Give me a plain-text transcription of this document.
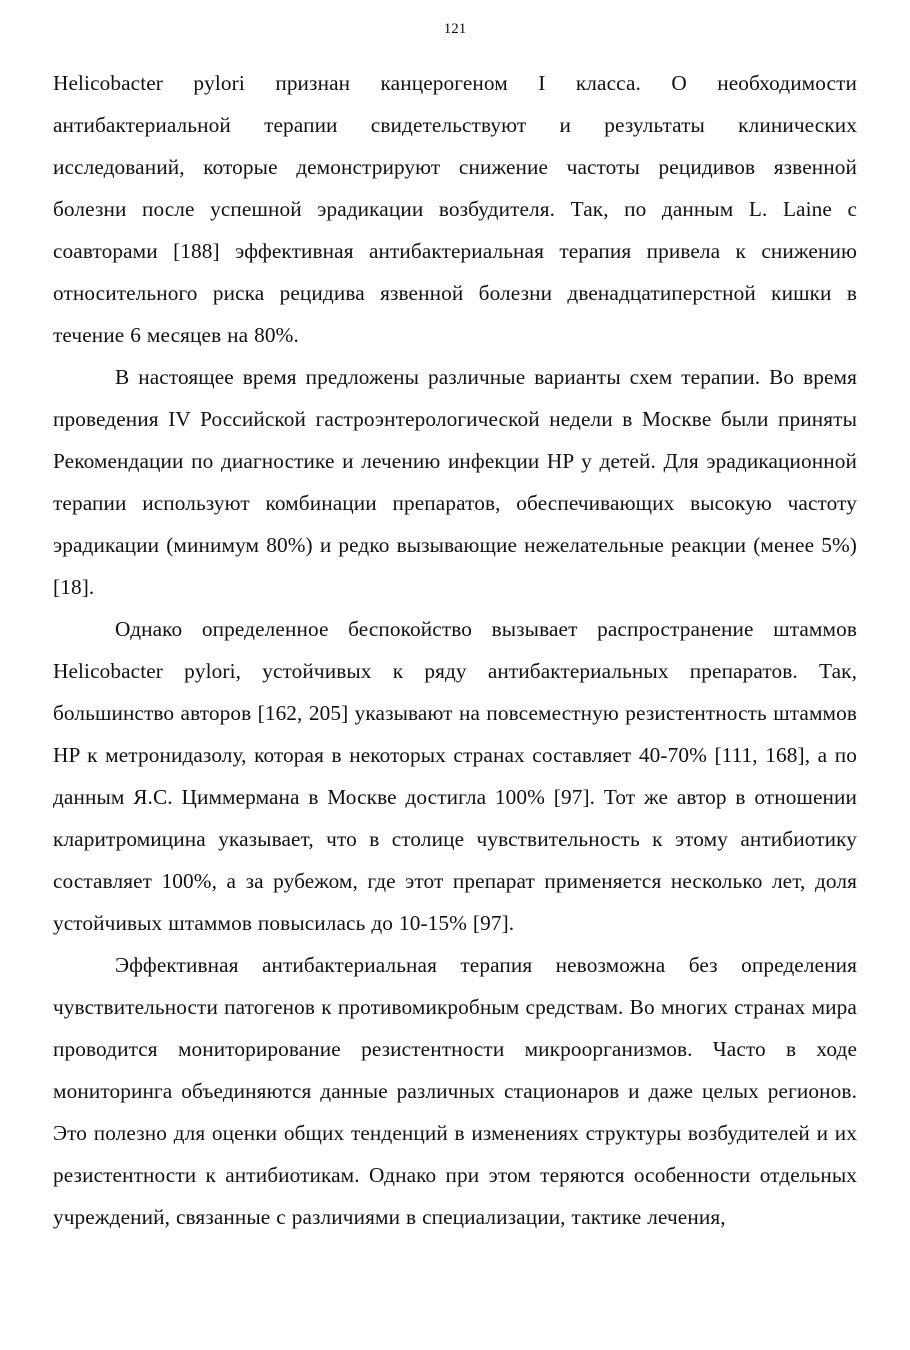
121

Helicobacter pylori признан канцерогеном I класса. О необходимости антибактериальной терапии свидетельствуют и результаты клинических исследований, которые демонстрируют снижение частоты рецидивов язвенной болезни после успешной эрадикации возбудителя. Так, по данным L. Laine с соавторами [188] эффективная антибактериальная терапия привела к снижению относительного риска рецидива язвенной болезни двенадцатиперстной кишки в течение 6 месяцев на 80%.

В настоящее время предложены различные варианты схем терапии. Во время проведения IV Российской гастроэнтерологической недели в Москве были приняты Рекомендации по диагностике и лечению инфекции HP у детей. Для эрадикационной терапии используют комбинации препаратов, обеспечивающих высокую частоту эрадикации (минимум 80%) и редко вызывающие нежелательные реакции (менее 5%) [18].

Однако определенное беспокойство вызывает распространение штаммов Helicobacter pylori, устойчивых к ряду антибактериальных препаратов. Так, большинство авторов [162, 205] указывают на повсеместную резистентность штаммов HP к метронидазолу, которая в некоторых странах составляет 40-70% [111, 168], а по данным Я.С. Циммермана в Москве достигла 100% [97]. Тот же автор в отношении кларитромицина указывает, что в столице чувствительность к этому антибиотику составляет 100%, а за рубежом, где этот препарат применяется несколько лет, доля устойчивых штаммов повысилась до 10-15% [97].

Эффективная антибактериальная терапия невозможна без определения чувствительности патогенов к противомикробным средствам. Во многих странах мира проводится мониторирование резистентности микроорганизмов. Часто в ходе мониторинга объединяются данные различных стационаров и даже целых регионов. Это полезно для оценки общих тенденций в изменениях структуры возбудителей и их резистентности к антибиотикам. Однако при этом теряются особенности отдельных учреждений, связанные с различиями в специализации, тактике лечения,
